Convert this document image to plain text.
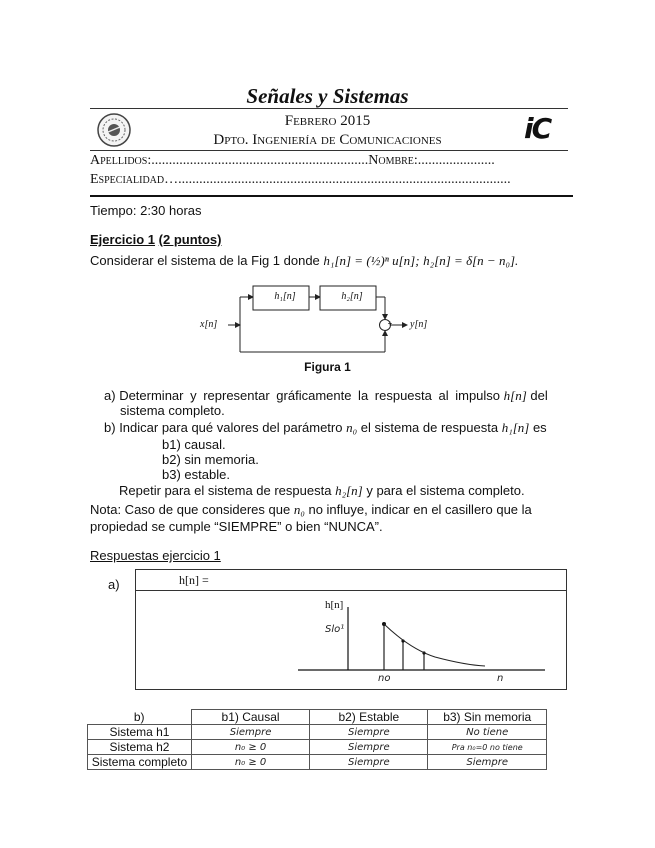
Señales y Sistemas
Febrero 2015
Dpto. Ingeniería de Comunicaciones	iC
Apellidos:..............................................................Nombre:......................
Especialidad…...............................................................................................
Tiempo: 2:30 horas
Ejercicio 1 (2 puntos)
Considerar el sistema de la Fig 1 donde h₁[n] = (½)ⁿ u[n]; h₂[n] = δ[n − n₀].
h₁[n]	h₂[n]
x[n]	y[n]
+
Figura 1
a) Determinar y representar gráficamente la respuesta al impulso h[n] del
sistema completo.
b) Indicar para qué valores del parámetro n₀ el sistema de respuesta h₁[n] es
b1) causal.
b2) sin memoria.
b3) estable.
Repetir para el sistema de respuesta h₂[n] y para el sistema completo.
Nota: Caso de que consideres que n₀ no influye, indicar en el casillero que la
propiedad se cumple “SIEMPRE” o bien “NUNCA”.
Respuestas ejercicio 1
a)	h[n] =
h[n]
Slo¹
no	n
b)	b1) Causal	b2) Estable	b3) Sin memoria
Sistema h1	Siempre	Siempre	No tiene
Sistema h2	n₀ ≥ 0	Siempre	Pra n₀=0 no tiene
Sistema completo	n₀ ≥ 0	Siempre	Siempre
